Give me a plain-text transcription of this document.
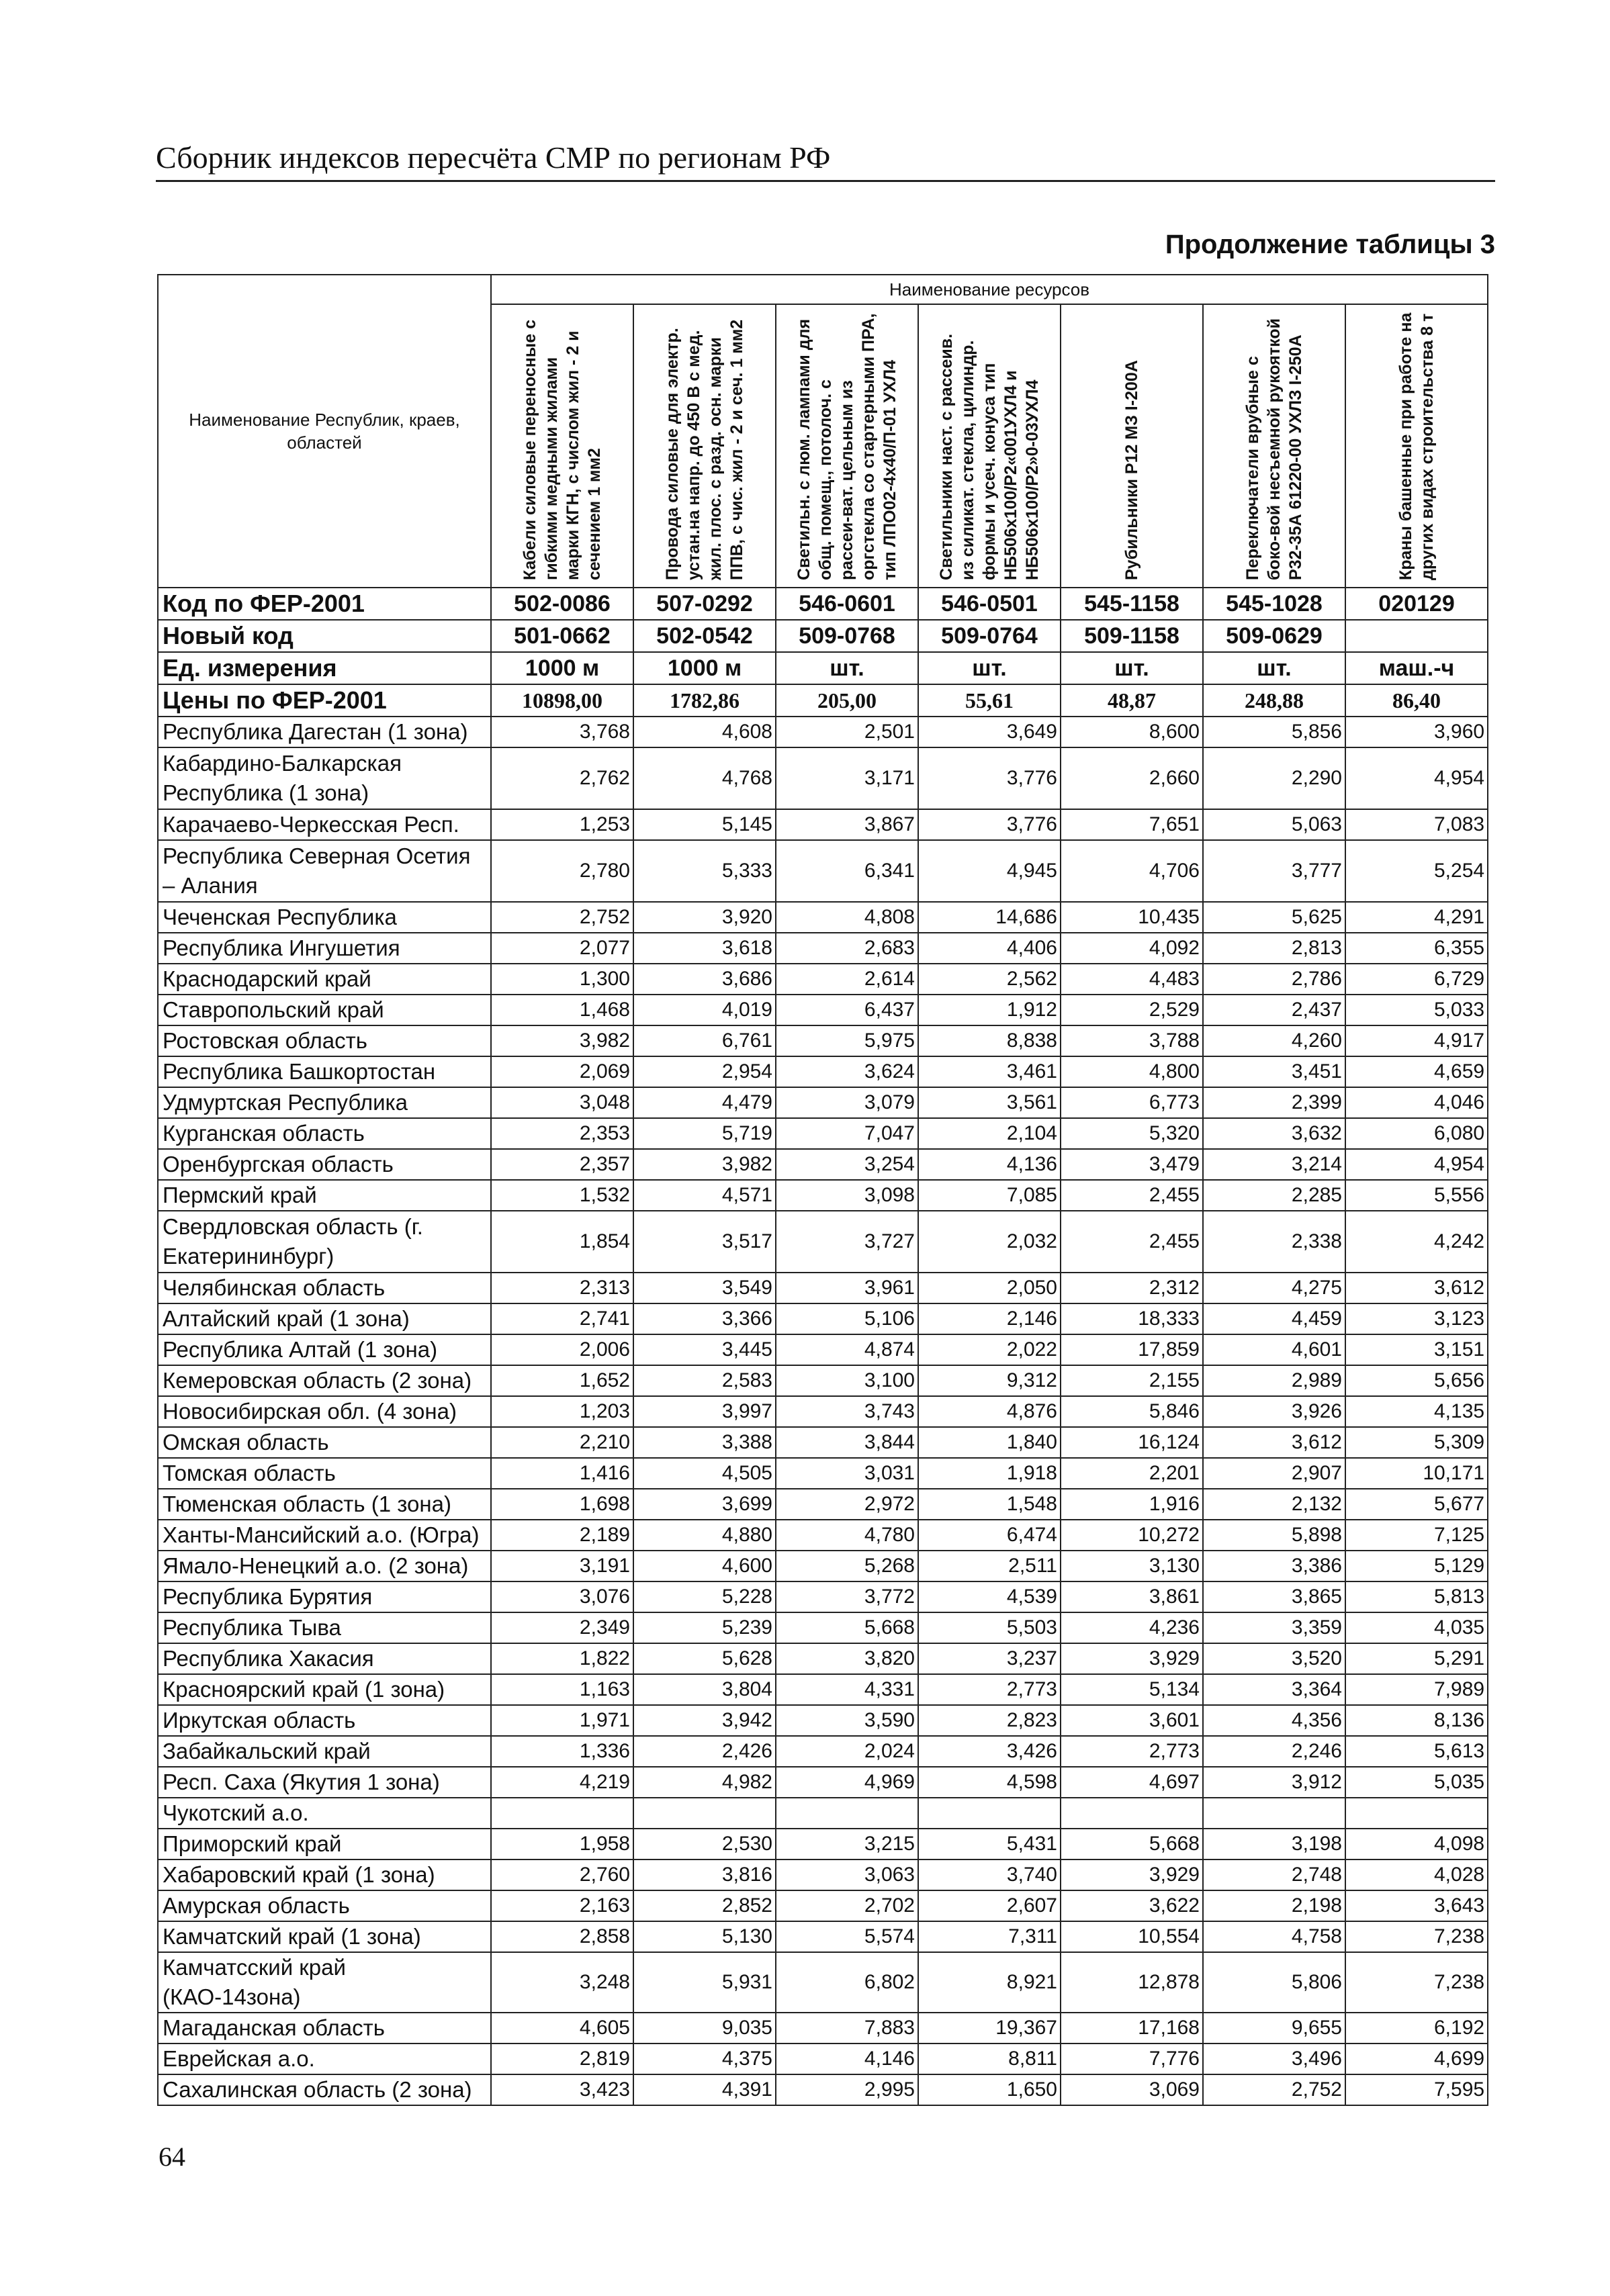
Сборник индексов пересчёта СМР по регионам РФ
Продолжение таблицы 3
Наименование Республик, краев, областей	Наименование ресурсов						

	Кабели силовые переносные с гибкими медными жилами марки КГН, с числом жил - 2 и сечением 1 мм2	Провода силовые для электр. устан.на напр. до 450 В с мед. жил. плос. с разд. осн. марки ППВ, с чис. жил - 2 и сеч. 1 мм2	Светильн. с люм. лампами для общ. помещ., потолоч. с рассеи-ват. цельным из оргстекла со стартерными ПРА, тип ЛПО02-4х40/П-01 УХЛ4	Светильники наст. с рассеив. из силикат. стекла, цилиндр. формы и усеч. конуса тип НБ506х100/Р2«001УХЛ4 и НБ506х100/Р2»0-03УХЛ4	Рубильники Р12 МЗ I-200А	Переключатели врубные с боко-вой несъемной рукояткой Р32-35А 61220-00 УХЛЗ I-250А	Краны башенные при работе на других видах строительства 8 т

Код по ФЕР-2001	502-0086	507-0292	546-0601	546-0501	545-1158	545-1028	020129
Новый код	501-0662	502-0542	509-0768	509-0764	509-1158	509-0629	
Ед. измерения	1000 м	1000 м	шт.	шт.	шт.	шт.	маш.-ч
Цены по ФЕР-2001	10898,00	1782,86	205,00	55,61	48,87	248,88	86,40
Республика Дагестан (1 зона)	3,768	4,608	2,501	3,649	8,600	5,856	3,960
Кабардино-Балкарская Республика (1 зона)	2,762	4,768	3,171	3,776	2,660	2,290	4,954
Карачаево-Черкесская Респ.	1,253	5,145	3,867	3,776	7,651	5,063	7,083
Республика Северная Осетия – Алания	2,780	5,333	6,341	4,945	4,706	3,777	5,254
Чеченская Республика	2,752	3,920	4,808	14,686	10,435	5,625	4,291
Республика Ингушетия	2,077	3,618	2,683	4,406	4,092	2,813	6,355
Краснодарский край	1,300	3,686	2,614	2,562	4,483	2,786	6,729
Ставропольский край	1,468	4,019	6,437	1,912	2,529	2,437	5,033
Ростовская область	3,982	6,761	5,975	8,838	3,788	4,260	4,917
Республика Башкортостан	2,069	2,954	3,624	3,461	4,800	3,451	4,659
Удмуртская Республика	3,048	4,479	3,079	3,561	6,773	2,399	4,046
Курганская область	2,353	5,719	7,047	2,104	5,320	3,632	6,080
Оренбургская область	2,357	3,982	3,254	4,136	3,479	3,214	4,954
Пермский край	1,532	4,571	3,098	7,085	2,455	2,285	5,556
Свердловская область (г. Екатерининбург)	1,854	3,517	3,727	2,032	2,455	2,338	4,242
Челябинская область	2,313	3,549	3,961	2,050	2,312	4,275	3,612
Алтайский край (1 зона)	2,741	3,366	5,106	2,146	18,333	4,459	3,123
Республика Алтай (1 зона)	2,006	3,445	4,874	2,022	17,859	4,601	3,151
Кемеровская область (2 зона)	1,652	2,583	3,100	9,312	2,155	2,989	5,656
Новосибирская обл. (4 зона)	1,203	3,997	3,743	4,876	5,846	3,926	4,135
Омская область	2,210	3,388	3,844	1,840	16,124	3,612	5,309
Томская область	1,416	4,505	3,031	1,918	2,201	2,907	10,171
Тюменская область (1 зона)	1,698	3,699	2,972	1,548	1,916	2,132	5,677
Ханты-Мансийский а.о. (Югра)	2,189	4,880	4,780	6,474	10,272	5,898	7,125
Ямало-Ненецкий а.о. (2 зона)	3,191	4,600	5,268	2,511	3,130	3,386	5,129
Республика Бурятия	3,076	5,228	3,772	4,539	3,861	3,865	5,813
Республика Тыва	2,349	5,239	5,668	5,503	4,236	3,359	4,035
Республика Хакасия	1,822	5,628	3,820	3,237	3,929	3,520	5,291
Красноярский край (1 зона)	1,163	3,804	4,331	2,773	5,134	3,364	7,989
Иркутская область	1,971	3,942	3,590	2,823	3,601	4,356	8,136
Забайкальский край	1,336	2,426	2,024	3,426	2,773	2,246	5,613
Респ. Саха (Якутия 1 зона)	4,219	4,982	4,969	4,598	4,697	3,912	5,035
Чукотский а.о.							
Приморский край	1,958	2,530	3,215	5,431	5,668	3,198	4,098
Хабаровский край (1 зона)	2,760	3,816	3,063	3,740	3,929	2,748	4,028
Амурская область	2,163	2,852	2,702	2,607	3,622	2,198	3,643
Камчатский край (1 зона)	2,858	5,130	5,574	7,311	10,554	4,758	7,238
Камчатсский край (КАО-14зона)	3,248	5,931	6,802	8,921	12,878	5,806	7,238
Магаданская область	4,605	9,035	7,883	19,367	17,168	9,655	6,192
Еврейская а.о.	2,819	4,375	4,146	8,811	7,776	3,496	4,699
Сахалинская область (2 зона)	3,423	4,391	2,995	1,650	3,069	2,752	7,595
64
